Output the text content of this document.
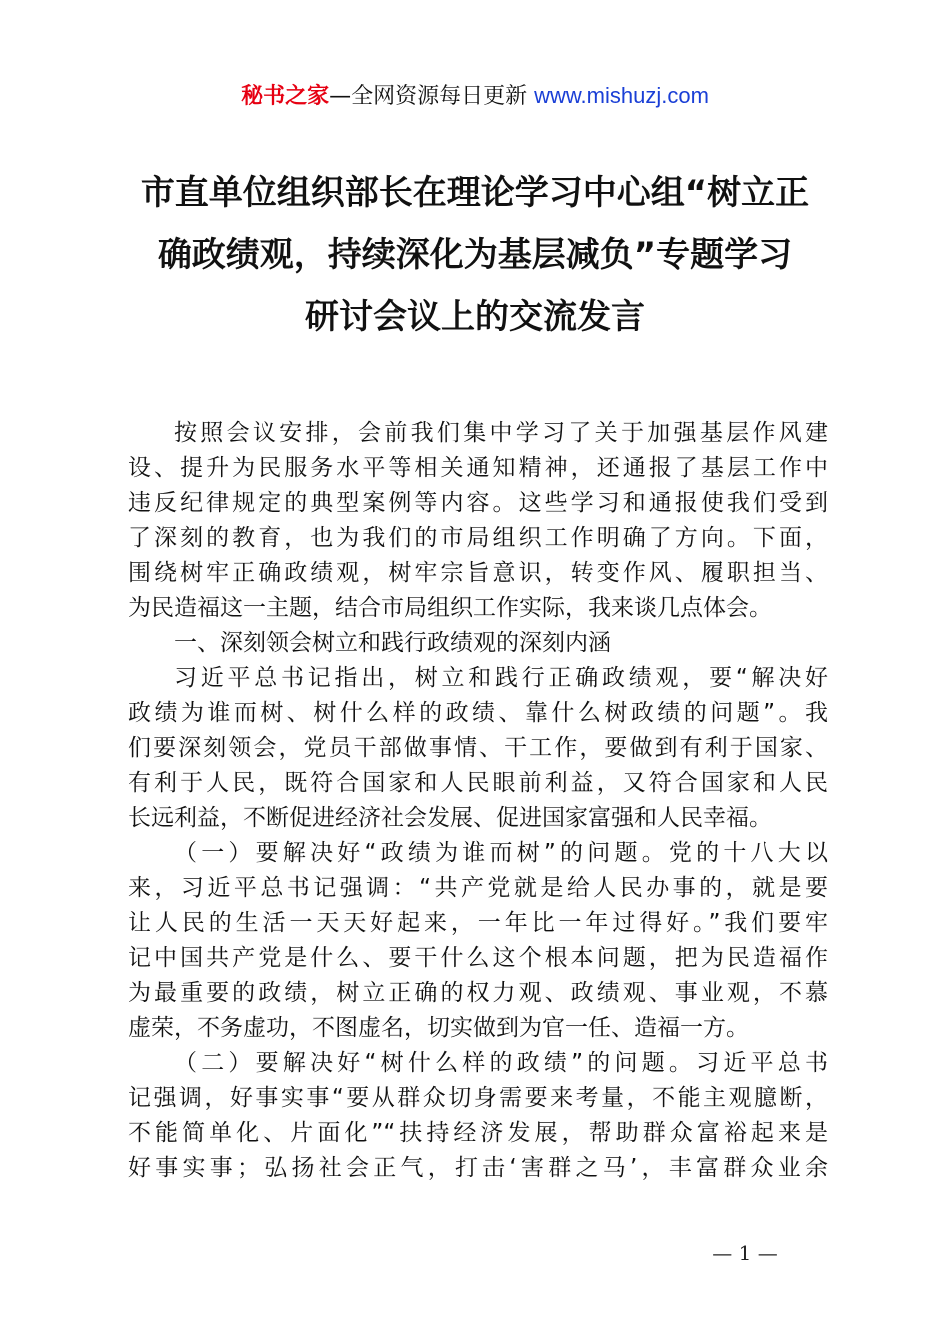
秘书之家—全网资源每日更新 www.mishuzj.com
市直单位组织部长在理论学习中心组“树立正
确政绩观，持续深化为基层减负”专题学习
研讨会议上的交流发言
按照会议安排，会前我们集中学习了关于加强基层作风建
设、提升为民服务水平等相关通知精神，还通报了基层工作中
违反纪律规定的典型案例等内容。这些学习和通报使我们受到
了深刻的教育，也为我们的市局组织工作明确了方向。下面，
围绕树牢正确政绩观，树牢宗旨意识，转变作风、履职担当、
为民造福这一主题，结合市局组织工作实际，我来谈几点体会。
一、深刻领会树立和践行政绩观的深刻内涵
习近平总书记指出，树立和践行正确政绩观，要“解决好
政绩为谁而树、树什么样的政绩、靠什么树政绩的问题”。我
们要深刻领会，党员干部做事情、干工作，要做到有利于国家、
有利于人民，既符合国家和人民眼前利益，又符合国家和人民
长远利益，不断促进经济社会发展、促进国家富强和人民幸福。
（一）要解决好“政绩为谁而树”的问题。党的十八大以
来，习近平总书记强调：“共产党就是给人民办事的，就是要
让人民的生活一天天好起来，一年比一年过得好。”我们要牢
记中国共产党是什么、要干什么这个根本问题，把为民造福作
为最重要的政绩，树立正确的权力观、政绩观、事业观，不慕
虚荣，不务虚功，不图虚名，切实做到为官一任、造福一方。
（二）要解决好“树什么样的政绩”的问题。习近平总书
记强调，好事实事“要从群众切身需要来考量，不能主观臆断，
不能简单化、片面化”“扶持经济发展，帮助群众富裕起来是
好事实事；弘扬社会正气，打击‘害群之马’，丰富群众业余
— 1 —
